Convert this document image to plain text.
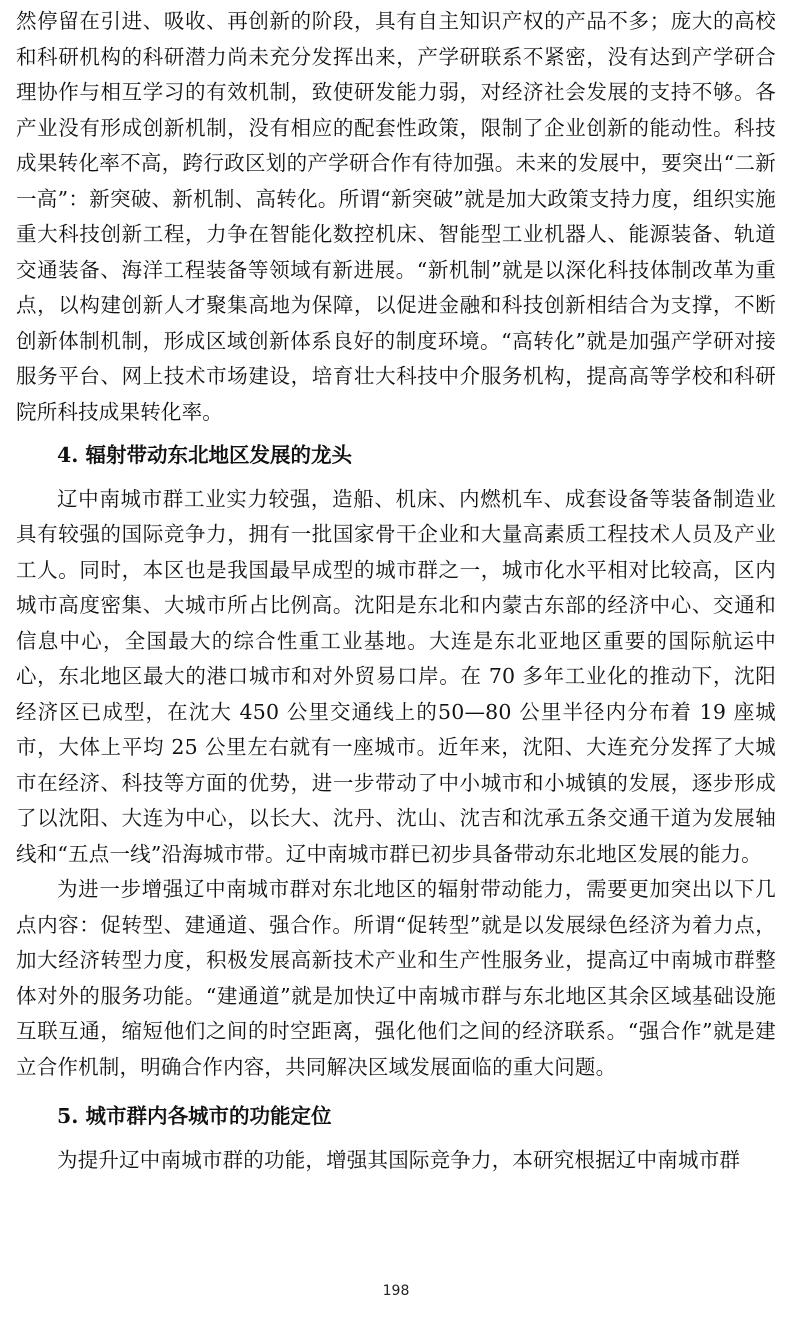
然停留在引进、吸收、再创新的阶段，具有自主知识产权的产品不多；庞大的高校和科研机构的科研潜力尚未充分发挥出来，产学研联系不紧密，没有达到产学研合理协作与相互学习的有效机制，致使研发能力弱，对经济社会发展的支持不够。各产业没有形成创新机制，没有相应的配套性政策，限制了企业创新的能动性。科技成果转化率不高，跨行政区划的产学研合作有待加强。未来的发展中，要突出“二新一高”：新突破、新机制、高转化。所谓“新突破”就是加大政策支持力度，组织实施重大科技创新工程，力争在智能化数控机床、智能型工业机器人、能源装备、轨道交通装备、海洋工程装备等领域有新进展。“新机制”就是以深化科技体制改革为重点，以构建创新人才聚集高地为保障，以促进金融和科技创新相结合为支撑，不断创新体制机制，形成区域创新体系良好的制度环境。“高转化”就是加强产学研对接服务平台、网上技术市场建设，培育壮大科技中介服务机构，提高高等学校和科研院所科技成果转化率。

4. 辐射带动东北地区发展的龙头

辽中南城市群工业实力较强，造船、机床、内燃机车、成套设备等装备制造业具有较强的国际竞争力，拥有一批国家骨干企业和大量高素质工程技术人员及产业工人。同时，本区也是我国最早成型的城市群之一，城市化水平相对比较高，区内城市高度密集、大城市所占比例高。沈阳是东北和内蒙古东部的经济中心、交通和信息中心，全国最大的综合性重工业基地。大连是东北亚地区重要的国际航运中心，东北地区最大的港口城市和对外贸易口岸。在 70 多年工业化的推动下，沈阳经济区已成型，在沈大 450 公里交通线上的50—80 公里半径内分布着 19 座城市，大体上平均 25 公里左右就有一座城市。近年来，沈阳、大连充分发挥了大城市在经济、科技等方面的优势，进一步带动了中小城市和小城镇的发展，逐步形成了以沈阳、大连为中心，以长大、沈丹、沈山、沈吉和沈承五条交通干道为发展轴线和“五点一线”沿海城市带。辽中南城市群已初步具备带动东北地区发展的能力。

为进一步增强辽中南城市群对东北地区的辐射带动能力，需要更加突出以下几点内容：促转型、建通道、强合作。所谓“促转型”就是以发展绿色经济为着力点，加大经济转型力度，积极发展高新技术产业和生产性服务业，提高辽中南城市群整体对外的服务功能。“建通道”就是加快辽中南城市群与东北地区其余区域基础设施互联互通，缩短他们之间的时空距离，强化他们之间的经济联系。“强合作”就是建立合作机制，明确合作内容，共同解决区域发展面临的重大问题。

5. 城市群内各城市的功能定位

为提升辽中南城市群的功能，增强其国际竞争力，本研究根据辽中南城市群

198
